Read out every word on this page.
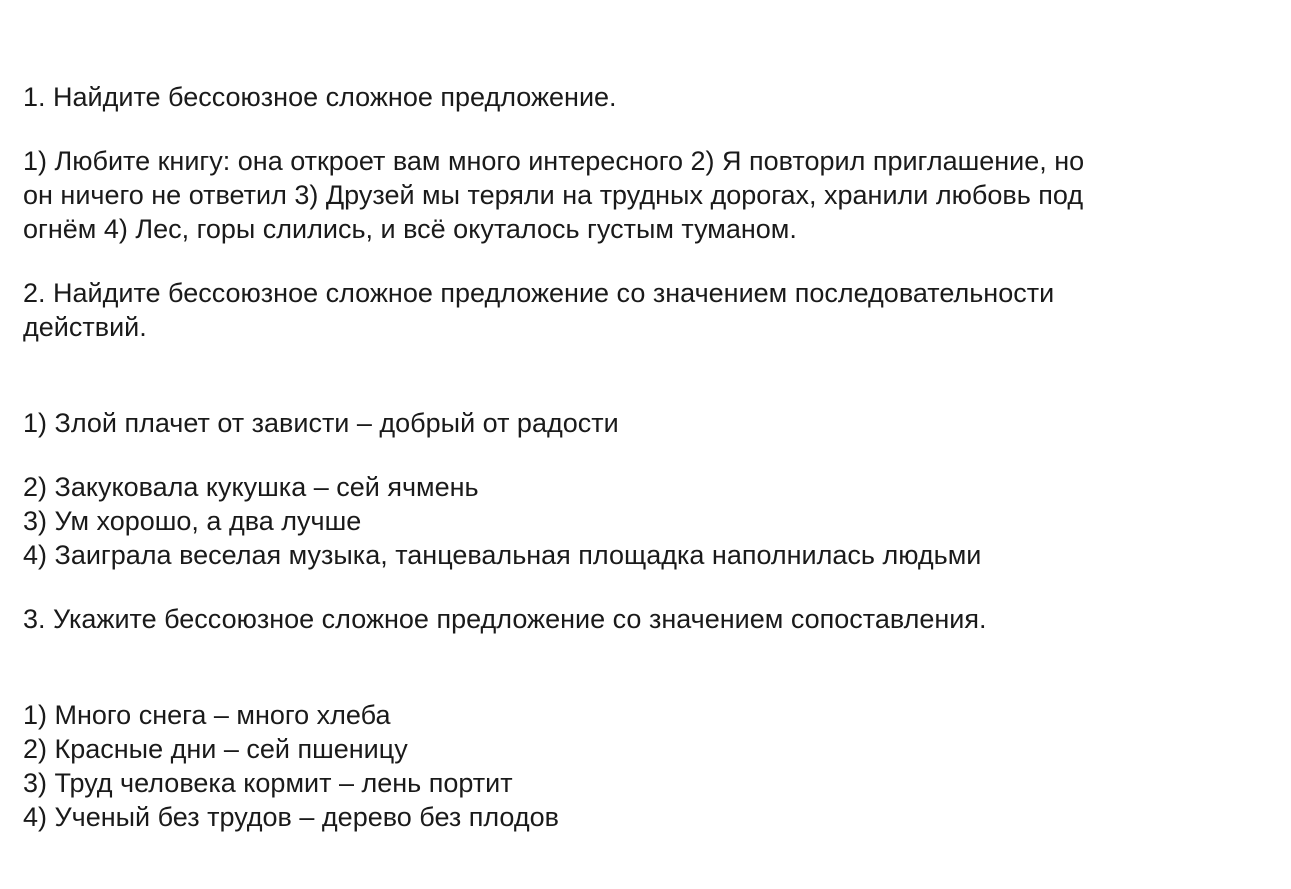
1. Найдите бессоюзное сложное предложение.
1) Любите книгу: она откроет вам много интересного 2) Я повторил приглашение, но
он ничего не ответил 3) Друзей мы теряли на трудных дорогах, хранили любовь под
огнём 4) Лес, горы слились, и всё окуталось густым туманом.
2. Найдите бессоюзное сложное предложение со значением последовательности
действий.
1) Злой плачет от зависти – добрый от радости
2) Закуковала кукушка – сей ячмень
3) Ум хорошо, а два лучше
4) Заиграла веселая музыка, танцевальная площадка наполнилась людьми
3. Укажите бессоюзное сложное предложение со значением сопоставления.
1) Много снега – много хлеба
2) Красные дни – сей пшеницу
3) Труд человека кормит – лень портит
4) Ученый без трудов – дерево без плодов
